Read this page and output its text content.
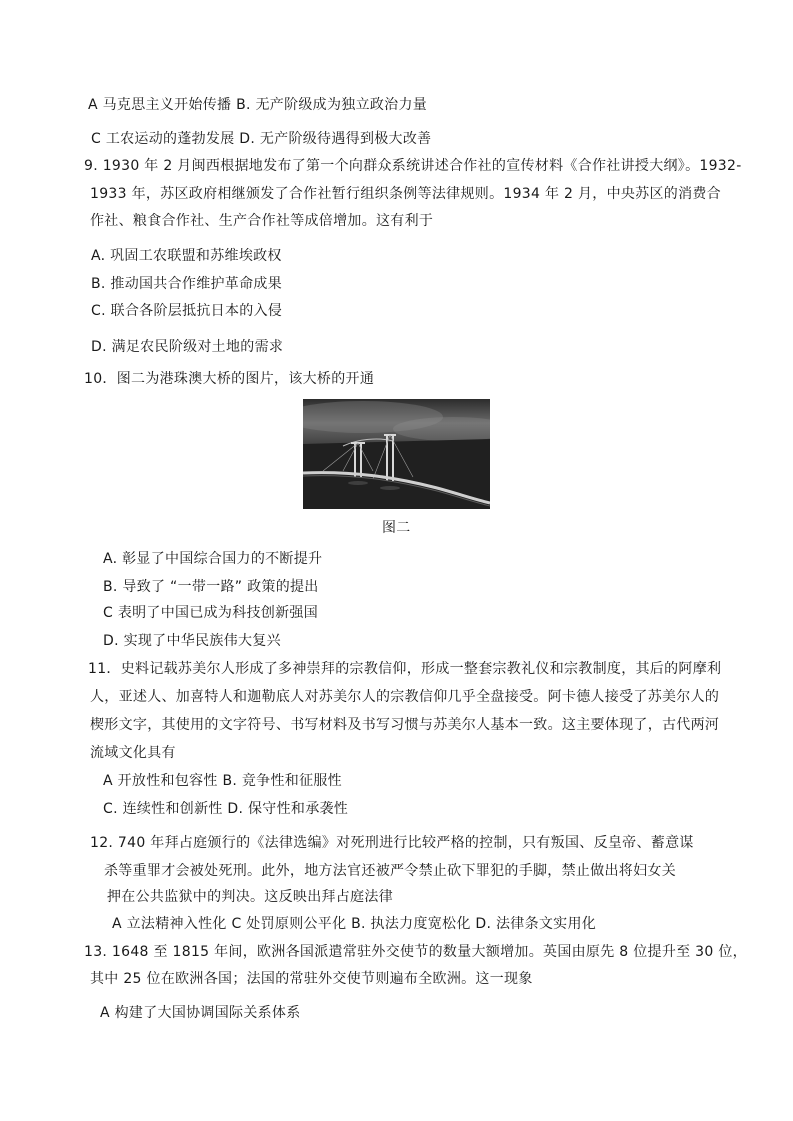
A 马克思主义开始传播 B. 无产阶级成为独立政治力量
C 工农运动的蓬勃发展 D. 无产阶级待遇得到极大改善
9. 1930 年 2 月闽西根据地发布了第一个向群众系统讲述合作社的宣传材料《合作社讲授大纲》。1932-
1933 年，苏区政府相继颁发了合作社暂行组织条例等法律规则。1934 年 2 月，中央苏区的消费合
作社、粮食合作社、生产合作社等成倍增加。这有利于
A. 巩固工农联盟和苏维埃政权
B. 推动国共合作维护革命成果
C. 联合各阶层抵抗日本的入侵
D. 满足农民阶级对土地的需求
10．图二为港珠澳大桥的图片，该大桥的开通
图二
A. 彰显了中国综合国力的不断提升
B. 导致了 “一带一路” 政策的提出
C 表明了中国已成为科技创新强国
D. 实现了中华民族伟大复兴
11．史料记载苏美尔人形成了多神崇拜的宗教信仰，形成一整套宗教礼仪和宗教制度，其后的阿摩利
人，亚述人、加喜特人和迦勒底人对苏美尔人的宗教信仰几乎全盘接受。阿卡德人接受了苏美尔人的
楔形文字，其使用的文字符号、书写材料及书写习惯与苏美尔人基本一致。这主要体现了，古代两河
流域文化具有
A 开放性和包容性 B. 竞争性和征服性
C. 连续性和创新性 D. 保守性和承袭性
12. 740 年拜占庭颁行的《法律选编》对死刑进行比较严格的控制，只有叛国、反皇帝、蓄意谋
杀等重罪才会被处死刑。此外，地方法官还被严令禁止砍下罪犯的手脚，禁止做出将妇女关
押在公共监狱中的判决。这反映出拜占庭法律
A 立法精神入性化 C 处罚原则公平化 B. 执法力度宽松化 D. 法律条文实用化
13. 1648 至 1815 年间，欧洲各国派遣常驻外交使节的数量大额增加。英国由原先 8 位提升至 30 位，
其中 25 位在欧洲各国；法国的常驻外交使节则遍布全欧洲。这一现象
A 构建了大国协调国际关系体系
